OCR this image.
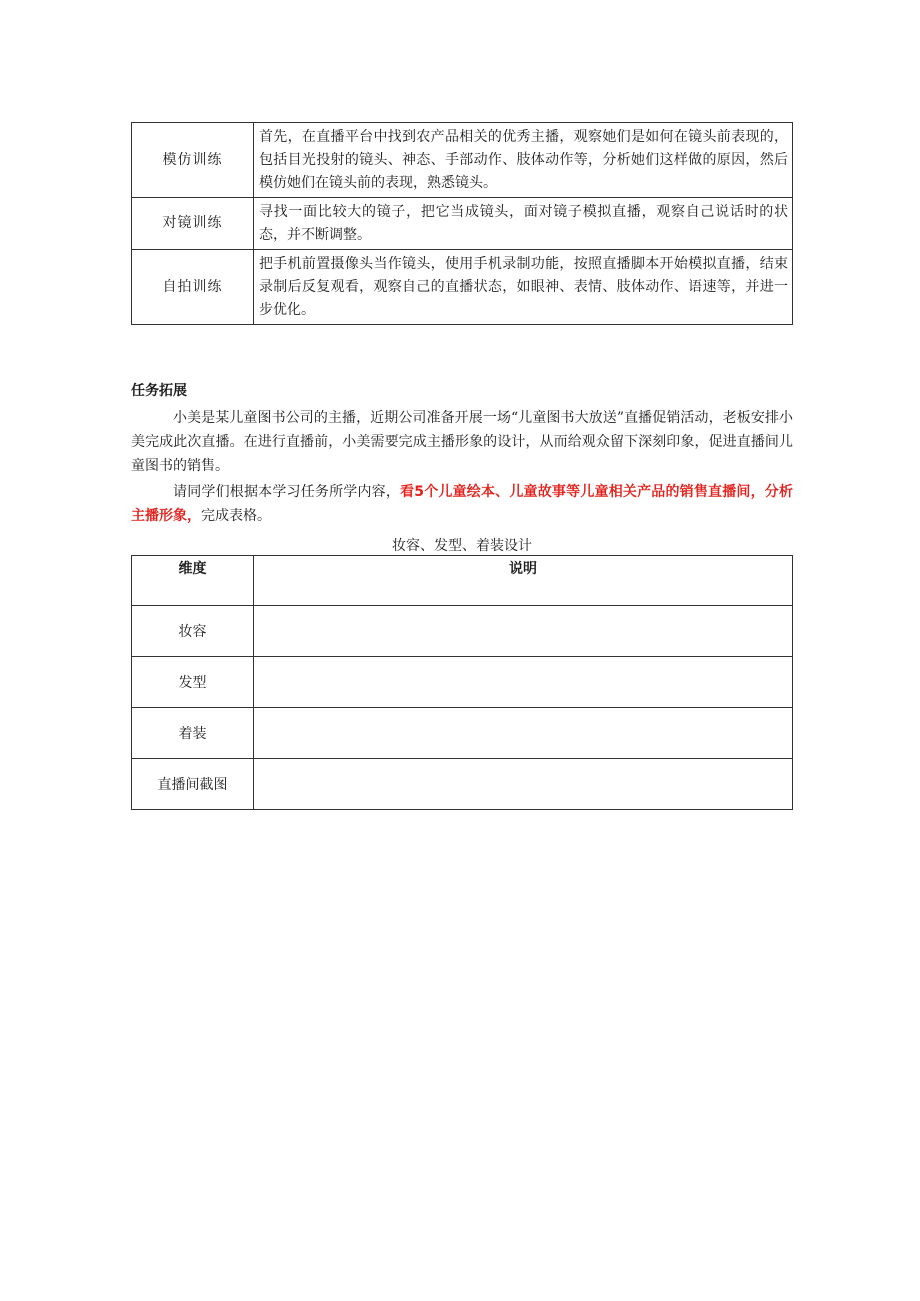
模仿训练	首先，在直播平台中找到农产品相关的优秀主播，观察她们是如何在镜头前表现的，包括目光投射的镜头、神态、手部动作、肢体动作等，分析她们这样做的原因，然后模仿她们在镜头前的表现，熟悉镜头。
对镜训练	寻找一面比较大的镜子，把它当成镜头，面对镜子模拟直播，观察自己说话时的状态，并不断调整。
自拍训练	把手机前置摄像头当作镜头，使用手机录制功能，按照直播脚本开始模拟直播，结束录制后反复观看，观察自己的直播状态，如眼神、表情、肢体动作、语速等，并进一步优化。
任务拓展

小美是某儿童图书公司的主播，近期公司准备开展一场“儿童图书大放送”直播促销活动，老板安排小美完成此次直播。在进行直播前，小美需要完成主播形象的设计，从而给观众留下深刻印象，促进直播间儿童图书的销售。

请同学们根据本学习任务所学内容，看5个儿童绘本、儿童故事等儿童相关产品的销售直播间，分析主播形象，完成表格。

妆容、发型、着装设计
维度	说明
妆容	
发型	
着装	
直播间截图	
